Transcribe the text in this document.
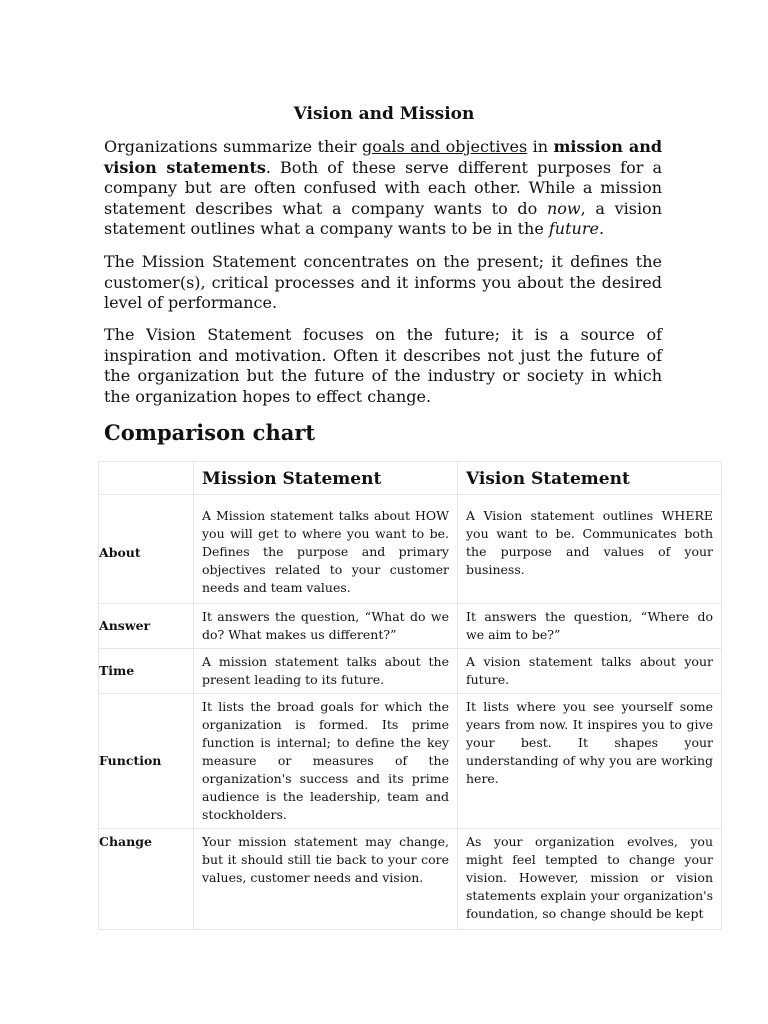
Vision and Mission

Organizations summarize their goals and objectives in mission and vision statements. Both of these serve different purposes for a company but are often confused with each other. While a mission statement describes what a company wants to do now, a vision statement outlines what a company wants to be in the future.

The Mission Statement concentrates on the present; it defines the customer(s), critical processes and it informs you about the desired level of performance.

The Vision Statement focuses on the future; it is a source of inspiration and motivation. Often it describes not just the future of the organization but the future of the industry or society in which the organization hopes to effect change.

Comparison chart
	Mission Statement	Vision Statement
About	A Mission statement talks about HOW you will get to where you want to be. Defines the purpose and primary objectives related to your customer needs and team values.	A Vision statement outlines WHERE you want to be. Communicates both the purpose and values of your business.
Answer	It answers the question, “What do we do? What makes us different?”	It answers the question, “Where do we aim to be?”
Time	A mission statement talks about the present leading to its future.	A vision statement talks about your future.
Function	It lists the broad goals for which the organization is formed. Its prime function is internal; to define the key measure or measures of the organization's success and its prime audience is the leadership, team and stockholders.	It lists where you see yourself some years from now. It inspires you to give your best. It shapes your understanding of why you are working here.
Change	Your mission statement may change, but it should still tie back to your core values, customer needs and vision.	As your organization evolves, you might feel tempted to change your vision. However, mission or vision statements explain your organization's foundation, so change should be kept
